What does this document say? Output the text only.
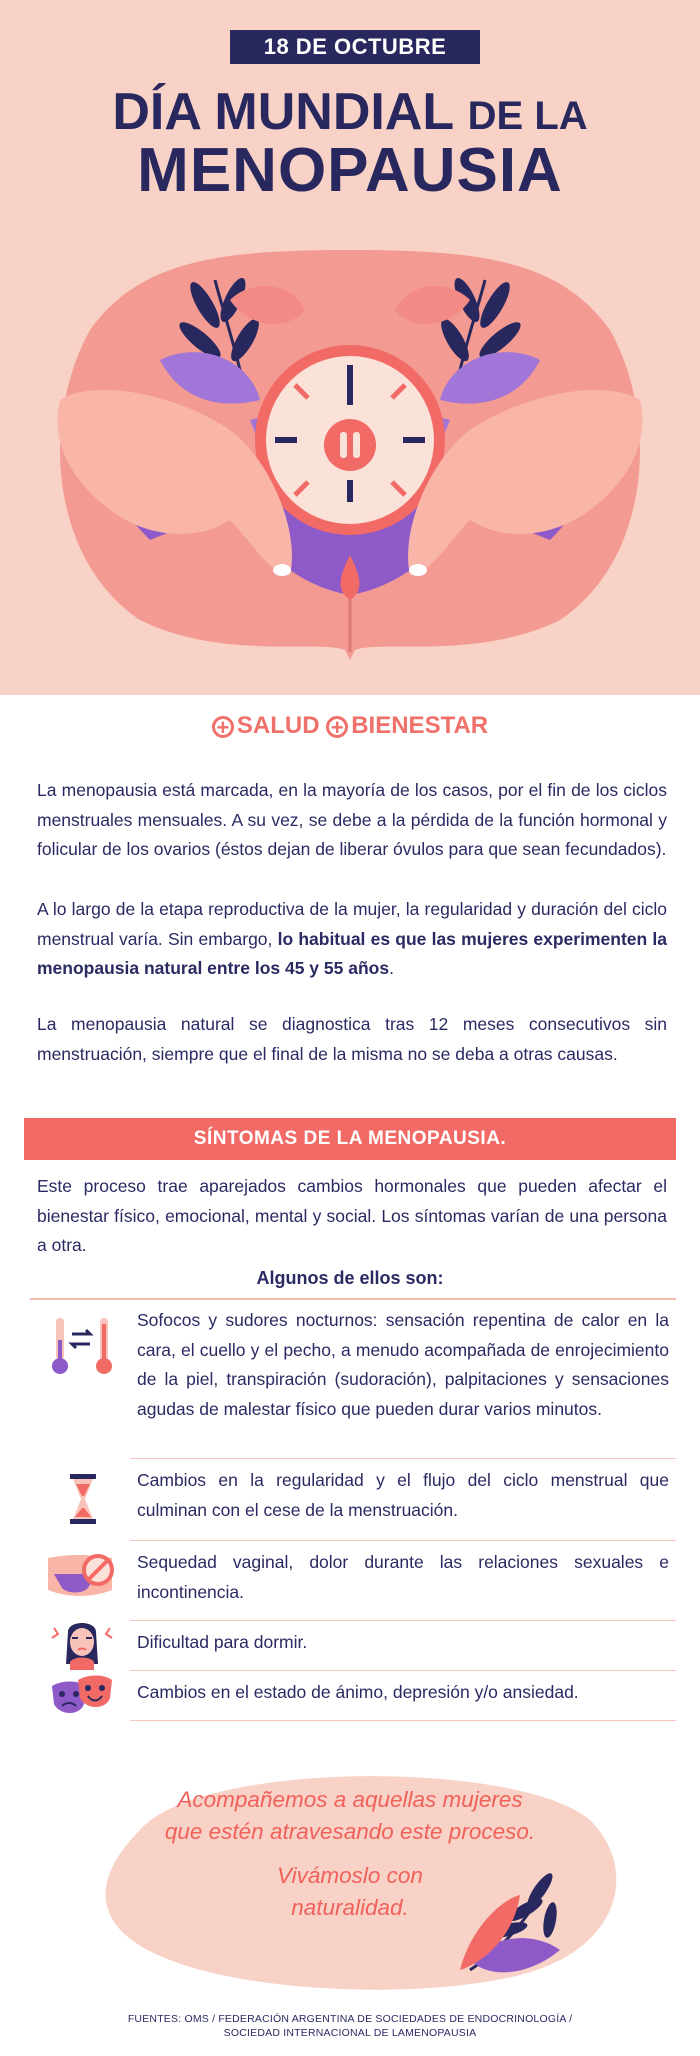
18 DE OCTUBRE
DÍA MUNDIAL DE LA
MENOPAUSIA
+ SALUD + BIENESTAR

La menopausia está marcada, en la mayoría de los casos, por el fin de los ciclos menstruales mensuales. A su vez, se debe a la pérdida de la función hormonal y folicular de los ovarios (éstos dejan de liberar óvulos para que sean fecundados).

A lo largo de la etapa reproductiva de la mujer, la regularidad y duración del ciclo menstrual varía. Sin embargo, lo habitual es que las mujeres experimenten la menopausia natural entre los 45 y 55 años.

La menopausia natural se diagnostica tras 12 meses consecutivos sin menstruación, siempre que el final de la misma no se deba a otras causas.

SÍNTOMAS DE LA MENOPAUSIA.

Este proceso trae aparejados cambios hormonales que pueden afectar el bienestar físico, emocional, mental y social. Los síntomas varían de una persona a otra.

Algunos de ellos son:
Sofocos y sudores nocturnos: sensación repentina de calor en la cara, el cuello y el pecho, a menudo acompañada de enrojecimiento de la piel, transpiración (sudoración), palpitaciones y sensaciones agudas de malestar físico que pueden durar varios minutos.
Cambios en la regularidad y el flujo del ciclo menstrual que culminan con el cese de la menstruación.
Sequedad vaginal, dolor durante las relaciones sexuales e incontinencia.
Dificultad para dormir.
Cambios en el estado de ánimo, depresión y/o ansiedad.
Acompañemos a aquellas mujeres
que estén atravesando este proceso.
Vivámoslo con
naturalidad.
FUENTES: OMS / FEDERACIÓN ARGENTINA DE SOCIEDADES DE ENDOCRINOLOGÍA /
SOCIEDAD INTERNACIONAL DE LAMENOPAUSIA
